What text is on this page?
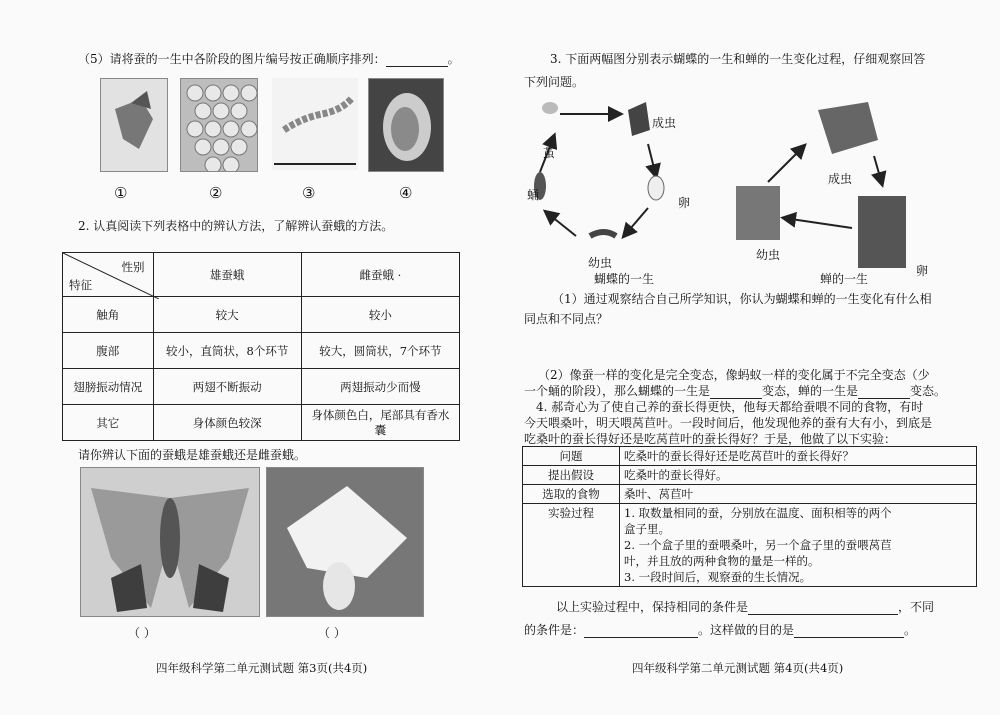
（5）请将蚕的一生中各阶段的图片编号按正确顺序排列：	。
①	②	③	④
2. 认真阅读下列表格中的辨认方法，了解辨认蚕蛾的方法。
性别
特征	雄蚕蛾	雌蚕蛾 ·
触角	较大	较小
腹部	较小，直筒状，8个环节	较大，圆筒状，7个环节
翅膀振动情况	两翅不断振动	两翅振动少而慢
其它	身体颜色较深	身体颜色白，尾部具有香水囊
请你辨认下面的蚕蛾是雄蚕蛾还是雌蚕蛾。
（ ）	（ ）
四年级科学第二单元测试题 第3页(共4页)
3. 下面两幅图分别表示蝴蝶的一生和蝉的一生变化过程，仔细观察回答
下列问题。
成虫
茧
蛹
卵
幼虫
蝴蝶的一生
成虫
幼虫
卵
蝉的一生
（1）通过观察结合自己所学知识，你认为蝴蝶和蝉的一生变化有什么相
同点和不同点？
（2）像蚕一样的变化是完全变态，像蚂蚁一样的变化属于不完全变态（少
一个蛹的阶段），那么蝴蝶的一生是	变态，蝉的一生是	变态。
4. 郝奇心为了使自己养的蚕长得更快，他每天都给蚕喂不同的食物，有时
今天喂桑叶，明天喂莴苣叶。一段时间后，他发现他养的蚕有大有小，到底是
吃桑叶的蚕长得好还是吃莴苣叶的蚕长得好？于是，他做了以下实验：
问题	吃桑叶的蚕长得好还是吃莴苣叶的蚕长得好？
提出假设	吃桑叶的蚕长得好。
选取的食物	桑叶、莴苣叶
实验过程	1. 取数量相同的蚕，分别放在温度、面积相等的两个
盒子里。
2. 一个盒子里的蚕喂桑叶，另一个盒子里的蚕喂莴苣
叶，并且放的两种食物的量是一样的。
3. 一段时间后，观察蚕的生长情况。
以上实验过程中，保持相同的条件是	，不同
的条件是：	。这样做的目的是	。
四年级科学第二单元测试题 第4页(共4页)
